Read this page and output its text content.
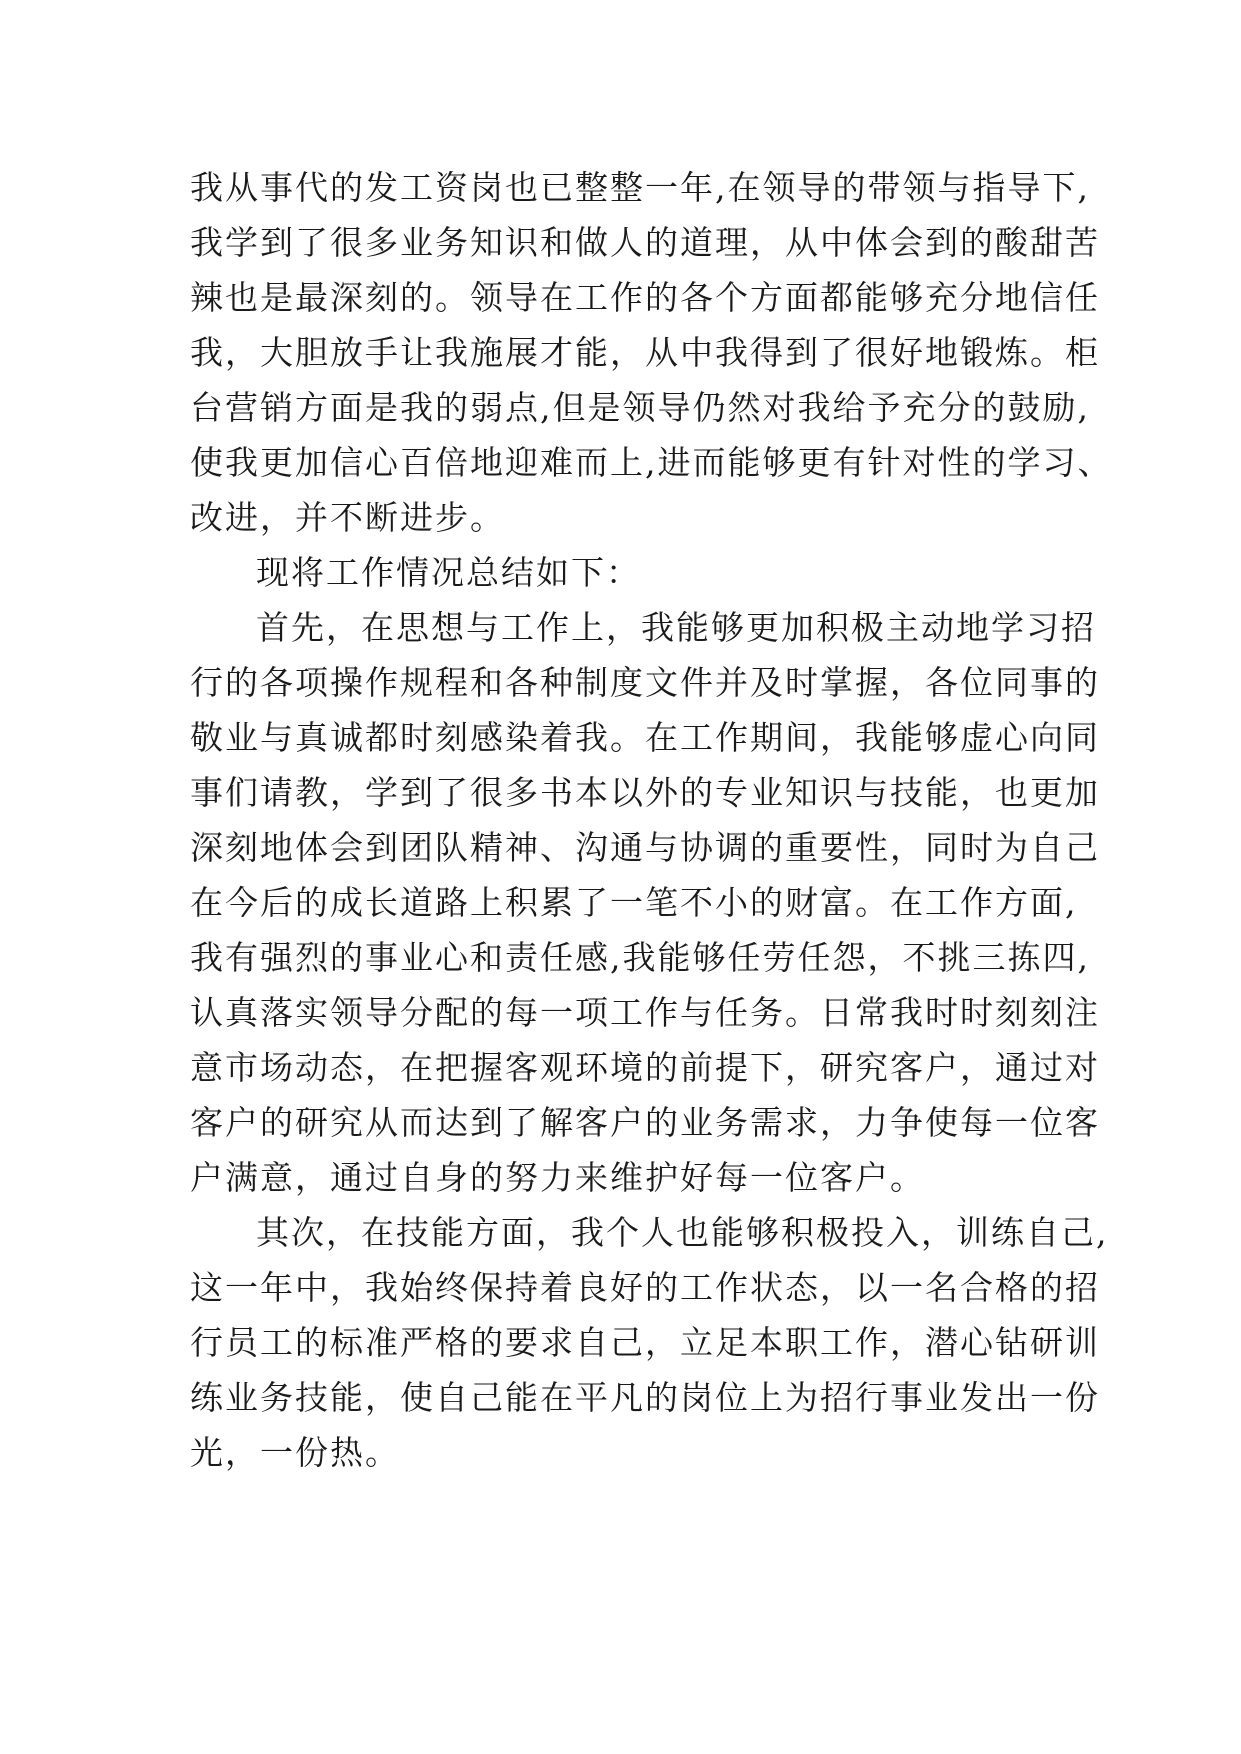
我从事代的发工资岗也已整整一年,在领导的带领与指导下,
我学到了很多业务知识和做人的道理，从中体会到的酸甜苦
辣也是最深刻的。领导在工作的各个方面都能够充分地信任
我，大胆放手让我施展才能，从中我得到了很好地锻炼。柜
台营销方面是我的弱点,但是领导仍然对我给予充分的鼓励,
使我更加信心百倍地迎难而上,进而能够更有针对性的学习、
改进，并不断进步。
现将工作情况总结如下：
首先，在思想与工作上，我能够更加积极主动地学习招
行的各项操作规程和各种制度文件并及时掌握，各位同事的
敬业与真诚都时刻感染着我。在工作期间，我能够虚心向同
事们请教，学到了很多书本以外的专业知识与技能，也更加
深刻地体会到团队精神、沟通与协调的重要性，同时为自己
在今后的成长道路上积累了一笔不小的财富。在工作方面,
我有强烈的事业心和责任感,我能够任劳任怨，不挑三拣四,
认真落实领导分配的每一项工作与任务。日常我时时刻刻注
意市场动态，在把握客观环境的前提下，研究客户，通过对
客户的研究从而达到了解客户的业务需求，力争使每一位客
户满意，通过自身的努力来维护好每一位客户。
其次，在技能方面，我个人也能够积极投入，训练自己,
这一年中，我始终保持着良好的工作状态，以一名合格的招
行员工的标准严格的要求自己，立足本职工作，潜心钻研训
练业务技能，使自己能在平凡的岗位上为招行事业发出一份
光，一份热。
